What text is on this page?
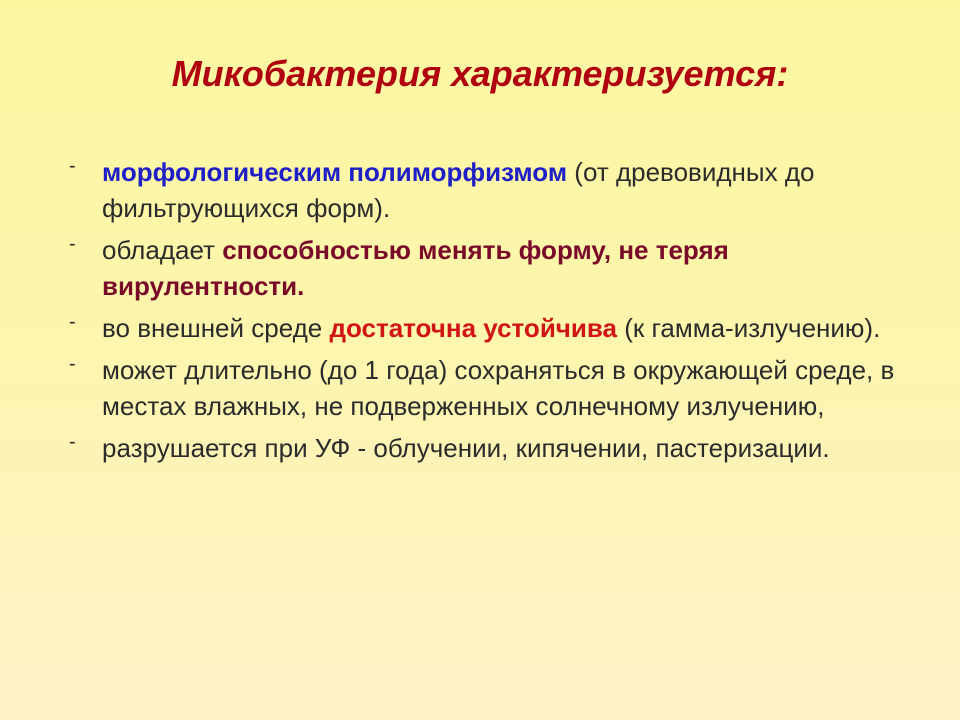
Микобактерия характеризуется:
- морфологическим полиморфизмом (от древовидных до фильтрующихся форм).
- обладает способностью менять форму, не теряя вирулентности.
- во внешней среде достаточна устойчива (к гамма-излучению).
- может длительно (до 1 года) сохраняться в окружающей среде, в местах влажных, не подверженных солнечному излучению,
- разрушается при УФ - облучении, кипячении, пастеризации.
